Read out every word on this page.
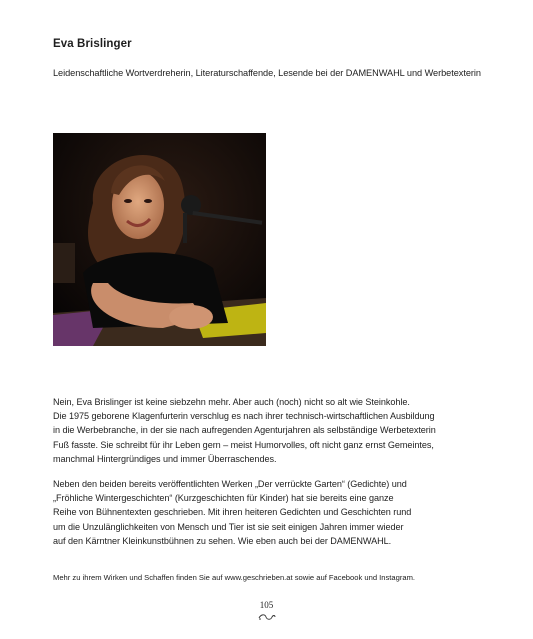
Eva Brislinger
Leidenschaftliche Wortverdreherin, Literaturschaffende, Lesende bei der DAMENWAHL und Werbetexterin

Nein, Eva Brislinger ist keine siebzehn mehr. Aber auch (noch) nicht so alt wie Steinkohle.
Die 1975 geborene Klagenfurterin verschlug es nach ihrer technisch-wirtschaftlichen Ausbildung
in die Werbebranche, in der sie nach aufregenden Agenturjahren als selbständige Werbetexterin
Fuß fasste. Sie schreibt für ihr Leben gern – meist Humorvolles, oft nicht ganz ernst Gemeintes,
manchmal Hintergründiges und immer Überraschendes.

Neben den beiden bereits veröffentlichten Werken „Der verrückte Garten“ (Gedichte) und
„Fröhliche Wintergeschichten“ (Kurzgeschichten für Kinder) hat sie bereits eine ganze
Reihe von Bühnentexten geschrieben. Mit ihren heiteren Gedichten und Geschichten rund
um die Unzulänglichkeiten von Mensch und Tier ist sie seit einigen Jahren immer wieder
auf den Kärntner Kleinkunstbühnen zu sehen. Wie eben auch bei der DAMENWAHL.

Mehr zu ihrem Wirken und Schaffen finden Sie auf www.geschrieben.at sowie auf Facebook und Instagram.
105
